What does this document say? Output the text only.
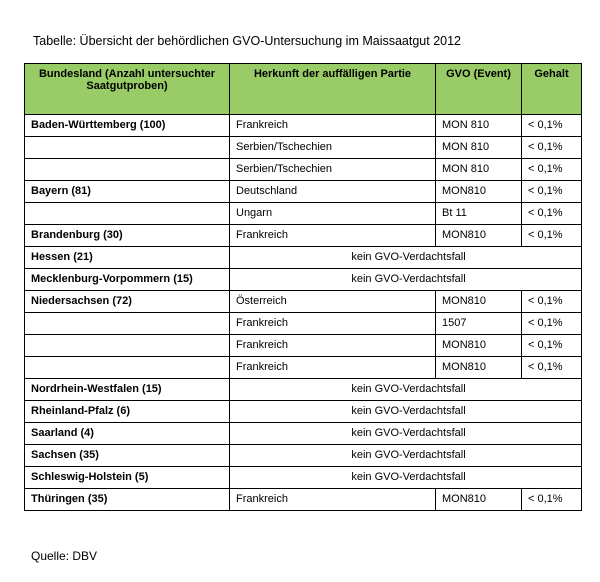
Tabelle: Übersicht der behördlichen GVO-Untersuchung im Maissaatgut 2012
Bundesland (Anzahl untersuchter Saatgutproben)	Herkunft der auffälligen Partie	GVO (Event)	Gehalt
Baden-Württemberg (100)	Frankreich	MON 810	< 0,1%
	Serbien/Tschechien	MON 810	< 0,1%
	Serbien/Tschechien	MON 810	< 0,1%
Bayern (81)	Deutschland	MON810	< 0,1%
	Ungarn	Bt 11	< 0,1%
Brandenburg (30)	Frankreich	MON810	< 0,1%
Hessen (21)	kein GVO-Verdachtsfall		
Mecklenburg-Vorpommern (15)	kein GVO-Verdachtsfall		
Niedersachsen (72)	Österreich	MON810	< 0,1%
	Frankreich	1507	< 0,1%
	Frankreich	MON810	< 0,1%
	Frankreich	MON810	< 0,1%
Nordrhein-Westfalen (15)	kein GVO-Verdachtsfall		
Rheinland-Pfalz (6)	kein GVO-Verdachtsfall		
Saarland (4)	kein GVO-Verdachtsfall		
Sachsen (35)	kein GVO-Verdachtsfall		
Schleswig-Holstein (5)	kein GVO-Verdachtsfall		
Thüringen (35)	Frankreich	MON810	< 0,1%
Quelle: DBV
